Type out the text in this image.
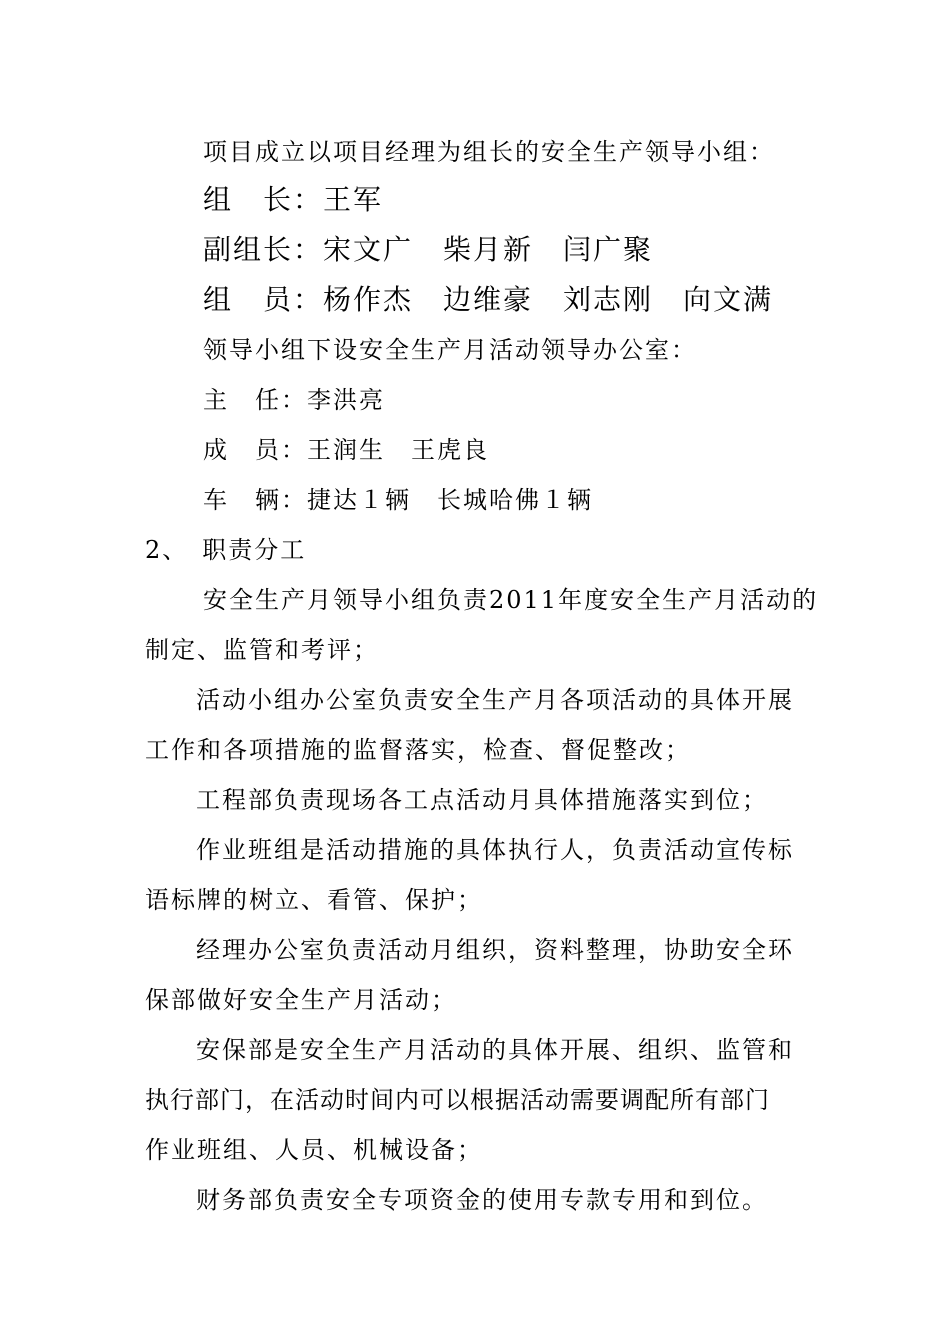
项目成立以项目经理为组长的安全生产领导小组：
组　长：王军
副组长：宋文广　柴月新　闫广聚
组　员：杨作杰　边维豪　刘志刚　向文满
领导小组下设安全生产月活动领导办公室：
主　任：李洪亮
成　员：王润生　王虎良
车　辆：捷达１辆　长城哈佛１辆
2、　职责分工
安全生产月领导小组负责2011年度安全生产月活动的
制定、监管和考评；
活动小组办公室负责安全生产月各项活动的具体开展
工作和各项措施的监督落实，检查、督促整改；
工程部负责现场各工点活动月具体措施落实到位；
作业班组是活动措施的具体执行人，负责活动宣传标
语标牌的树立、看管、保护；
经理办公室负责活动月组织，资料整理，协助安全环
保部做好安全生产月活动；
安保部是安全生产月活动的具体开展、组织、监管和
执行部门，在活动时间内可以根据活动需要调配所有部门
作业班组、人员、机械设备；
财务部负责安全专项资金的使用专款专用和到位。
